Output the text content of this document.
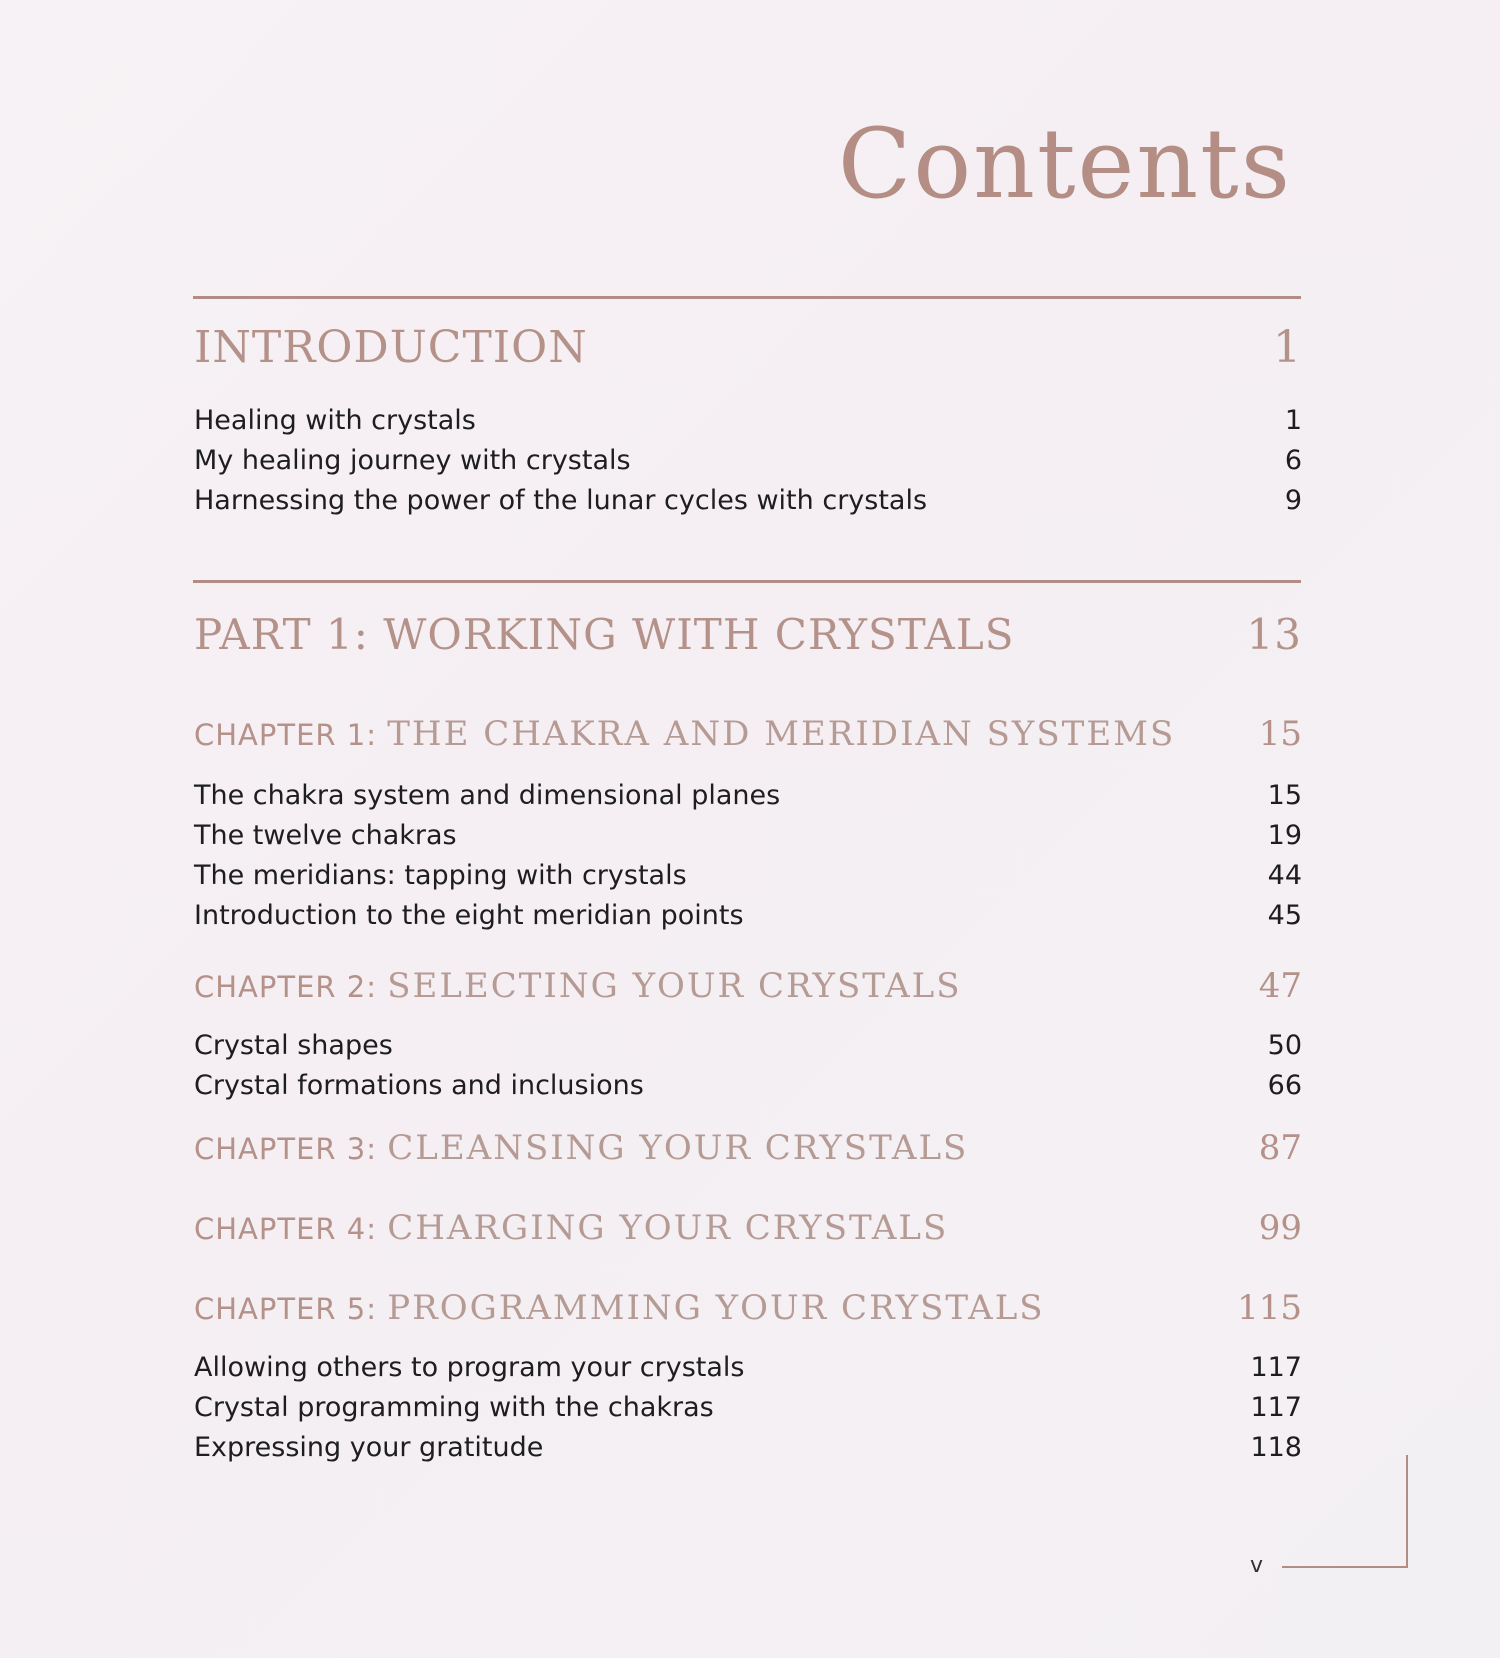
Contents
INTRODUCTION	1
Healing with crystals	1
My healing journey with crystals	6
Harnessing the power of the lunar cycles with crystals	9
PART 1: WORKING WITH CRYSTALS	13
CHAPTER 1: THE CHAKRA AND MERIDIAN SYSTEMS 15
The chakra system and dimensional planes	15
The twelve chakras	19
The meridians: tapping with crystals	44
Introduction to the eight meridian points	45
CHAPTER 2: SELECTING YOUR CRYSTALS	47
Crystal shapes	50
Crystal formations and inclusions	66
CHAPTER 3: CLEANSING YOUR CRYSTALS	87
CHAPTER 4: CHARGING YOUR CRYSTALS	99
CHAPTER 5: PROGRAMMING YOUR CRYSTALS	115
Allowing others to program your crystals	117
Crystal programming with the chakras	117
Expressing your gratitude	118
v
